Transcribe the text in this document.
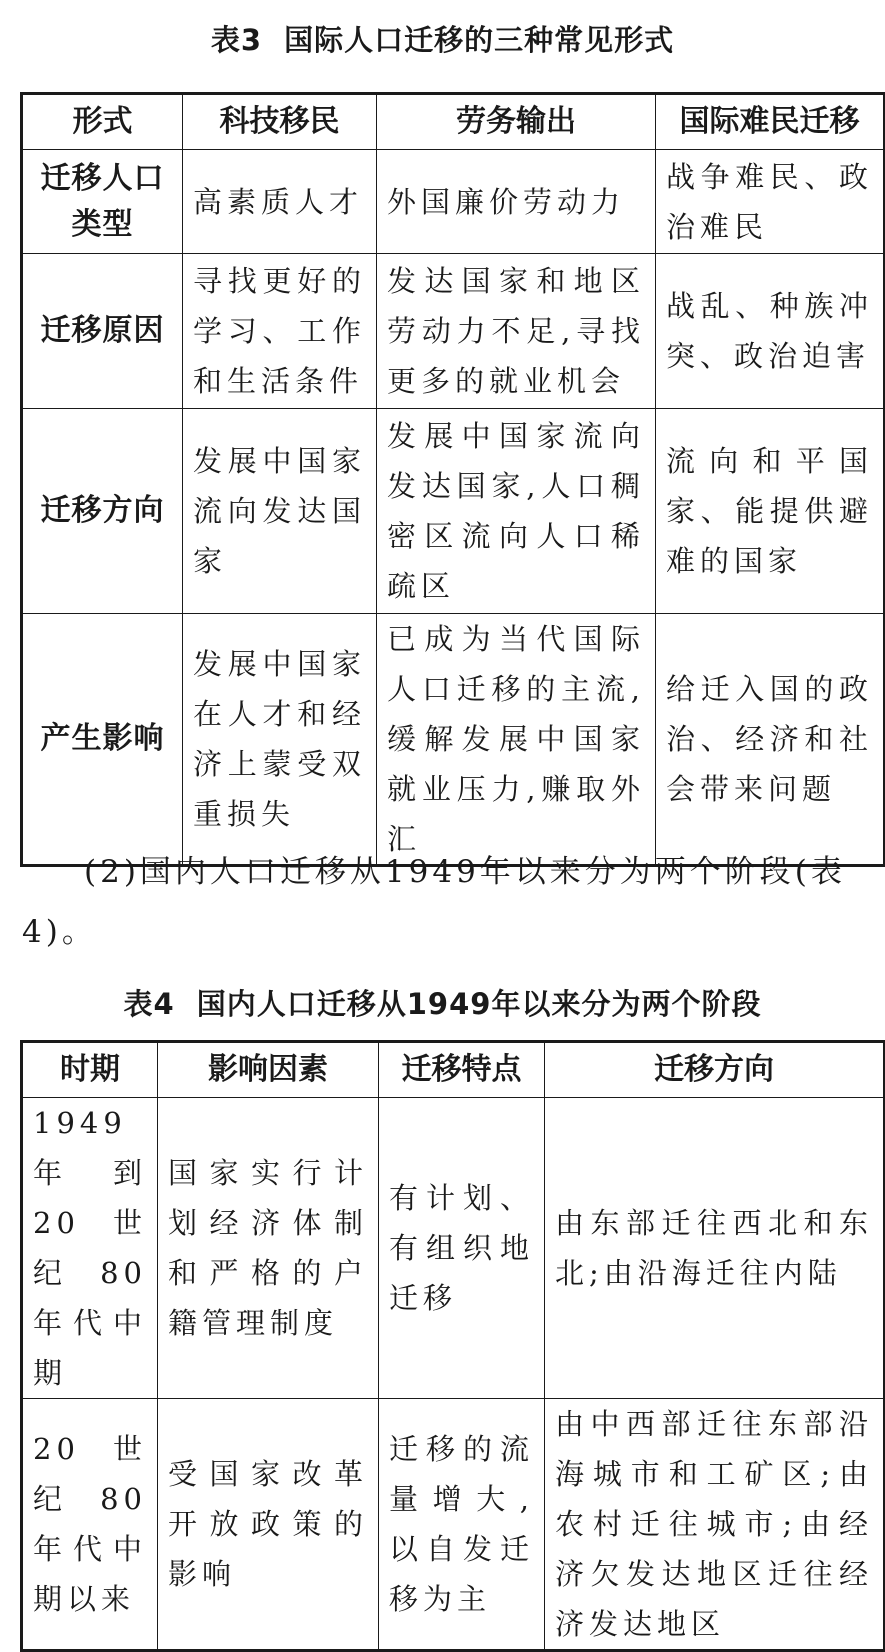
表3 国际人口迁移的三种常见形式
形式	科技移民	劳务输出	国际难民迁移
迁移人口类型	高素质人才	外国廉价劳动力	战争难民、政治难民
迁移原因	寻找更好的学习、工作和生活条件	发达国家和地区劳动力不足,寻找更多的就业机会	战乱、种族冲突、政治迫害
迁移方向	发展中国家流向发达国家	发展中国家流向发达国家,人口稠密区流向人口稀疏区	流向和平国家、能提供避难的国家
产生影响	发展中国家在人才和经济上蒙受双重损失	已成为当代国际人口迁移的主流,缓解发展中国家就业压力,赚取外汇	给迁入国的政治、经济和社会带来问题
(2)国内人口迁移从1949年以来分为两个阶段(表4)。
表4 国内人口迁移从1949年以来分为两个阶段
时期	影响因素	迁移特点	迁移方向
1949年到20世纪80年代中期	国家实行计划经济体制和严格的户籍管理制度	有计划、有组织地迁移	由东部迁往西北和东北;由沿海迁往内陆
20世纪80年代中期以来	受国家改革开放政策的影响	迁移的流量增大,以自发迁移为主	由中西部迁往东部沿海城市和工矿区;由农村迁往城市;由经济欠发达地区迁往经济发达地区
